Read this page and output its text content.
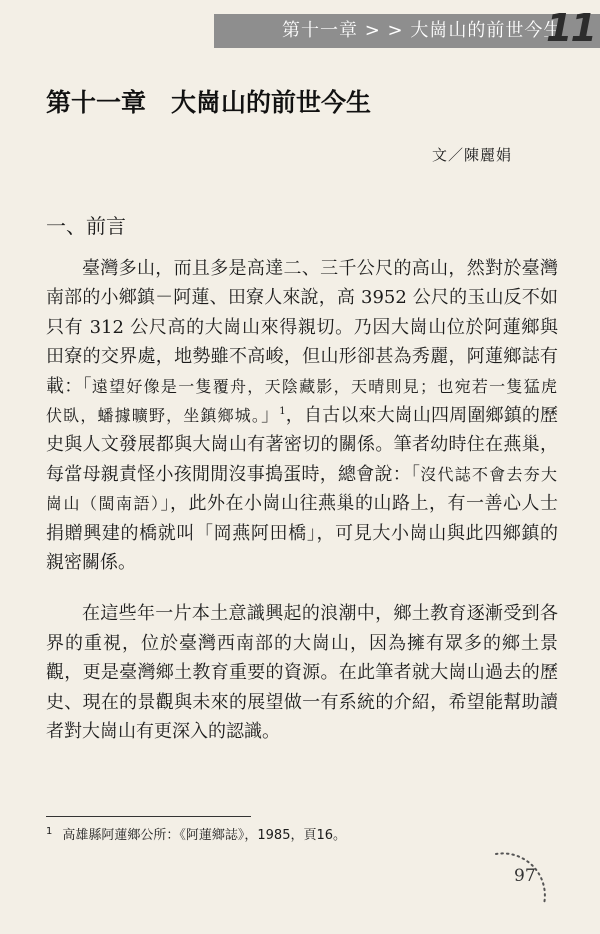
第十一章 > > 大崗山的前世今生
11
第十一章　大崗山的前世今生
文／陳麗娟
一、前言

臺灣多山，而且多是高達二、三千公尺的高山，然對於臺灣南部的小鄉鎮－阿蓮、田寮人來說，高 3952 公尺的玉山反不如只有 312 公尺高的大崗山來得親切。乃因大崗山位於阿蓮鄉與田寮的交界處，地勢雖不高峻，但山形卻甚為秀麗，阿蓮鄉誌有載：「遠望好像是一隻覆舟，天陰藏影，天晴則見；也宛若一隻猛虎伏臥，蟠據曠野，坐鎮鄉城。」$^1$，自古以來大崗山四周圍鄉鎮的歷史與人文發展都與大崗山有著密切的關係。筆者幼時住在燕巢，每當母親責怪小孩閒閒沒事搗蛋時，總會說：「沒代誌不會去夯大崗山（閩南語）」，此外在小崗山往燕巢的山路上，有一善心人士捐贈興建的橋就叫「岡燕阿田橋」，可見大小崗山與此四鄉鎮的親密關係。

在這些年一片本土意識興起的浪潮中，鄉土教育逐漸受到各界的重視，位於臺灣西南部的大崗山，因為擁有眾多的鄉土景觀，更是臺灣鄉土教育重要的資源。在此筆者就大崗山過去的歷史、現在的景觀與未來的展望做一有系統的介紹，希望能幫助讀者對大崗山有更深入的認識。

$^1$ 高雄縣阿蓮鄉公所：《阿蓮鄉誌》，1985，頁16。
97
